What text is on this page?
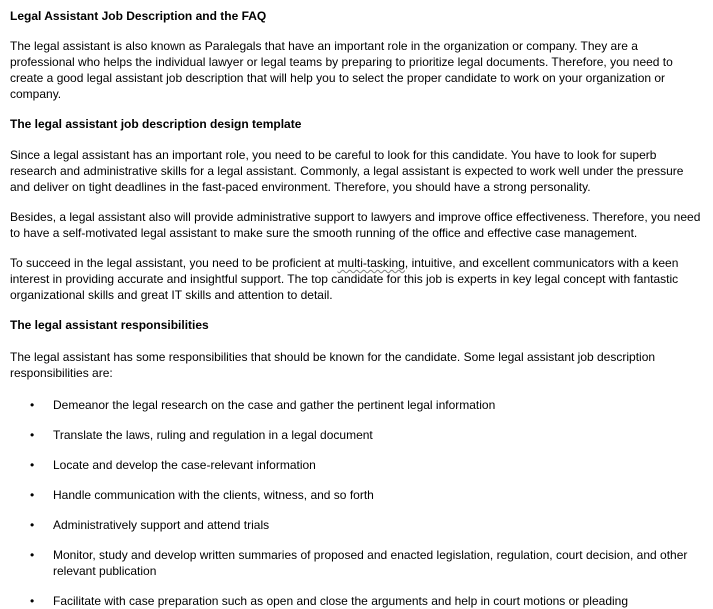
Legal Assistant Job Description and the FAQ

The legal assistant is also known as Paralegals that have an important role in the organization or company. They are a professional who helps the individual lawyer or legal teams by preparing to prioritize legal documents. Therefore, you need to create a good legal assistant job description that will help you to select the proper candidate to work on your organization or company.

The legal assistant job description design template

Since a legal assistant has an important role, you need to be careful to look for this candidate. You have to look for superb research and administrative skills for a legal assistant. Commonly, a legal assistant is expected to work well under the pressure and deliver on tight deadlines in the fast-paced environment. Therefore, you should have a strong personality.

Besides, a legal assistant also will provide administrative support to lawyers and improve office effectiveness. Therefore, you need to have a self-motivated legal assistant to make sure the smooth running of the office and effective case management.

To succeed in the legal assistant, you need to be proficient at multi-tasking, intuitive, and excellent communicators with a keen interest in providing accurate and insightful support. The top candidate for this job is experts in key legal concept with fantastic organizational skills and great IT skills and attention to detail.

The legal assistant responsibilities

The legal assistant has some responsibilities that should be known for the candidate. Some legal assistant job description responsibilities are:

• Demeanor the legal research on the case and gather the pertinent legal information
• Translate the laws, ruling and regulation in a legal document
• Locate and develop the case-relevant information
• Handle communication with the clients, witness, and so forth
• Administratively support and attend trials
• Monitor, study and develop written summaries of proposed and enacted legislation, regulation, court decision, and other relevant publication
• Facilitate with case preparation such as open and close the arguments and help in court motions or pleading
